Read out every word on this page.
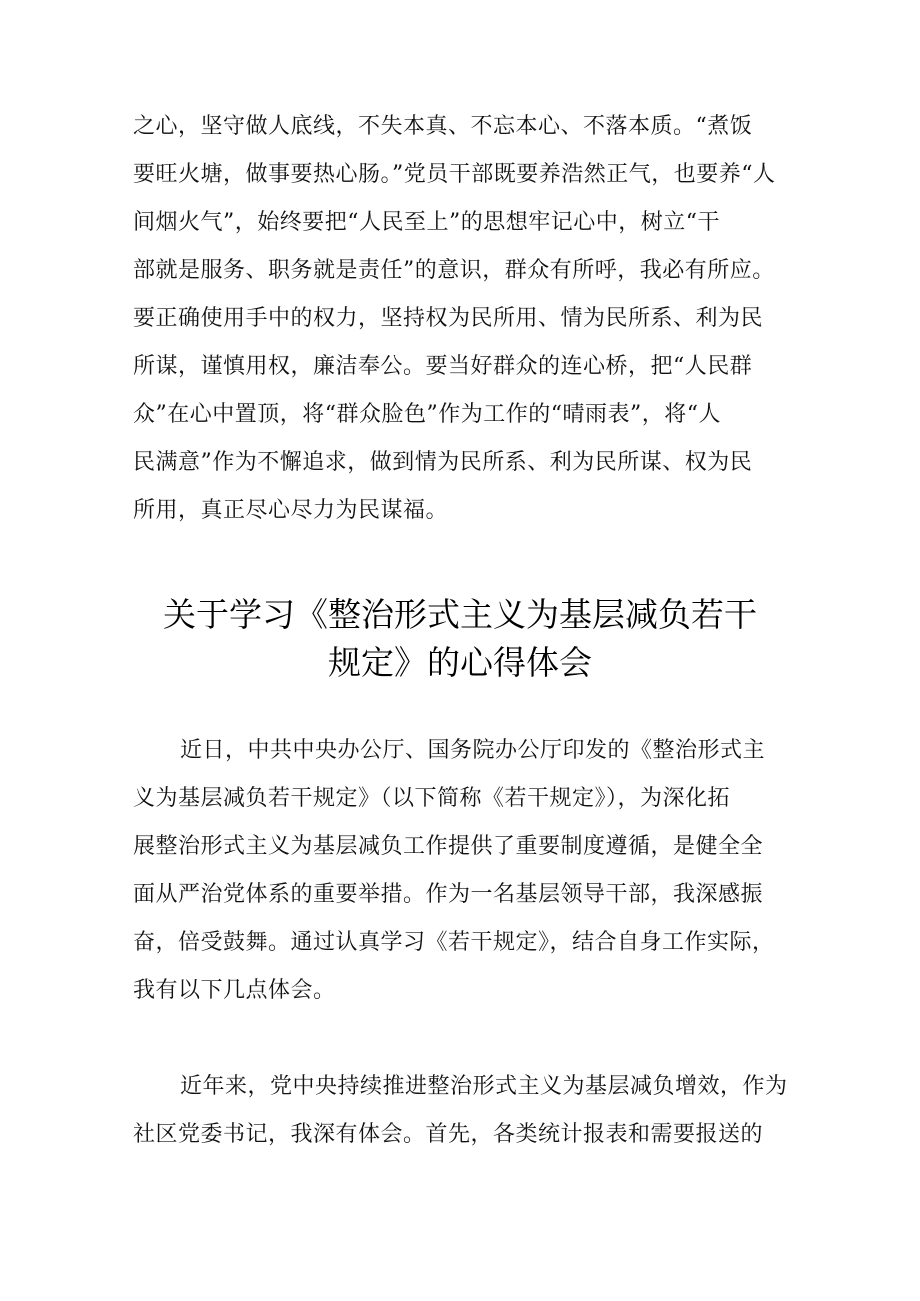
之心，坚守做人底线，不失本真、不忘本心、不落本质。“煮饭
要旺火塘，做事要热心肠。”党员干部既要养浩然正气，也要养“人
间烟火气”，始终要把“人民至上”的思想牢记心中，树立“干
部就是服务、职务就是责任”的意识，群众有所呼，我必有所应。
要正确使用手中的权力，坚持权为民所用、情为民所系、利为民
所谋，谨慎用权，廉洁奉公。要当好群众的连心桥，把“人民群
众”在心中置顶，将“群众脸色”作为工作的“晴雨表”，将“人
民满意”作为不懈追求，做到情为民所系、利为民所谋、权为民
所用，真正尽心尽力为民谋福。
关于学习《整治形式主义为基层减负若干
规定》的心得体会
近日，中共中央办公厅、国务院办公厅印发的《整治形式主
义为基层减负若干规定》（以下简称《若干规定》），为深化拓
展整治形式主义为基层减负工作提供了重要制度遵循，是健全全
面从严治党体系的重要举措。作为一名基层领导干部，我深感振
奋，倍受鼓舞。通过认真学习《若干规定》，结合自身工作实际，
我有以下几点体会。
近年来，党中央持续推进整治形式主义为基层减负增效，作为
社区党委书记，我深有体会。首先，各类统计报表和需要报送的
